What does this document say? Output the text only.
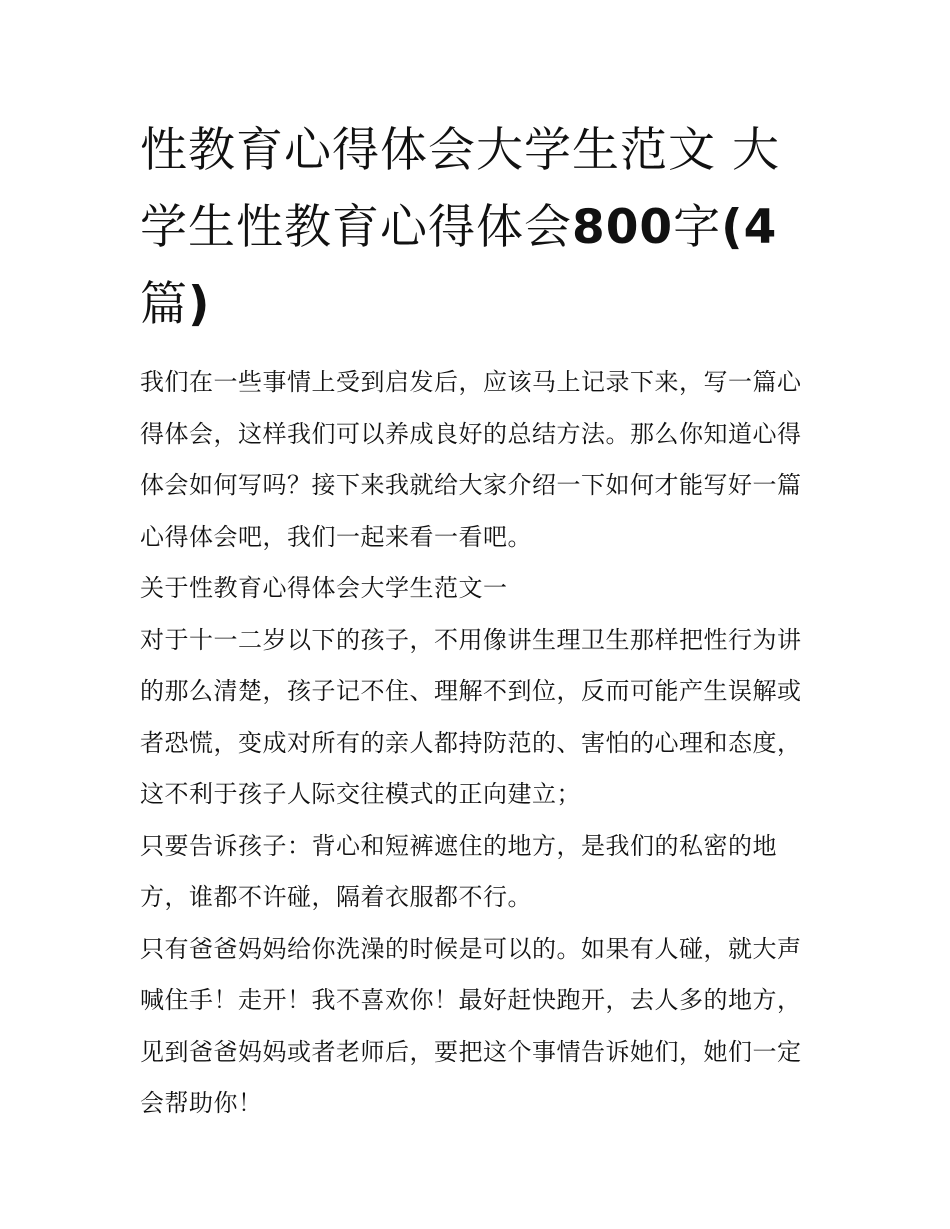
性教育心得体会大学生范文 大学生性教育心得体会800字(4篇)

我们在一些事情上受到启发后，应该马上记录下来，写一篇心得体会，这样我们可以养成良好的总结方法。那么你知道心得体会如何写吗？接下来我就给大家介绍一下如何才能写好一篇心得体会吧，我们一起来看一看吧。

关于性教育心得体会大学生范文一

对于十一二岁以下的孩子，不用像讲生理卫生那样把性行为讲的那么清楚，孩子记不住、理解不到位，反而可能产生误解或者恐慌，变成对所有的亲人都持防范的、害怕的心理和态度，这不利于孩子人际交往模式的正向建立；

只要告诉孩子：背心和短裤遮住的地方，是我们的私密的地方，谁都不许碰，隔着衣服都不行。

只有爸爸妈妈给你洗澡的时候是可以的。如果有人碰，就大声喊住手！走开！我不喜欢你！最好赶快跑开，去人多的地方，见到爸爸妈妈或者老师后，要把这个事情告诉她们，她们一定会帮助你！
